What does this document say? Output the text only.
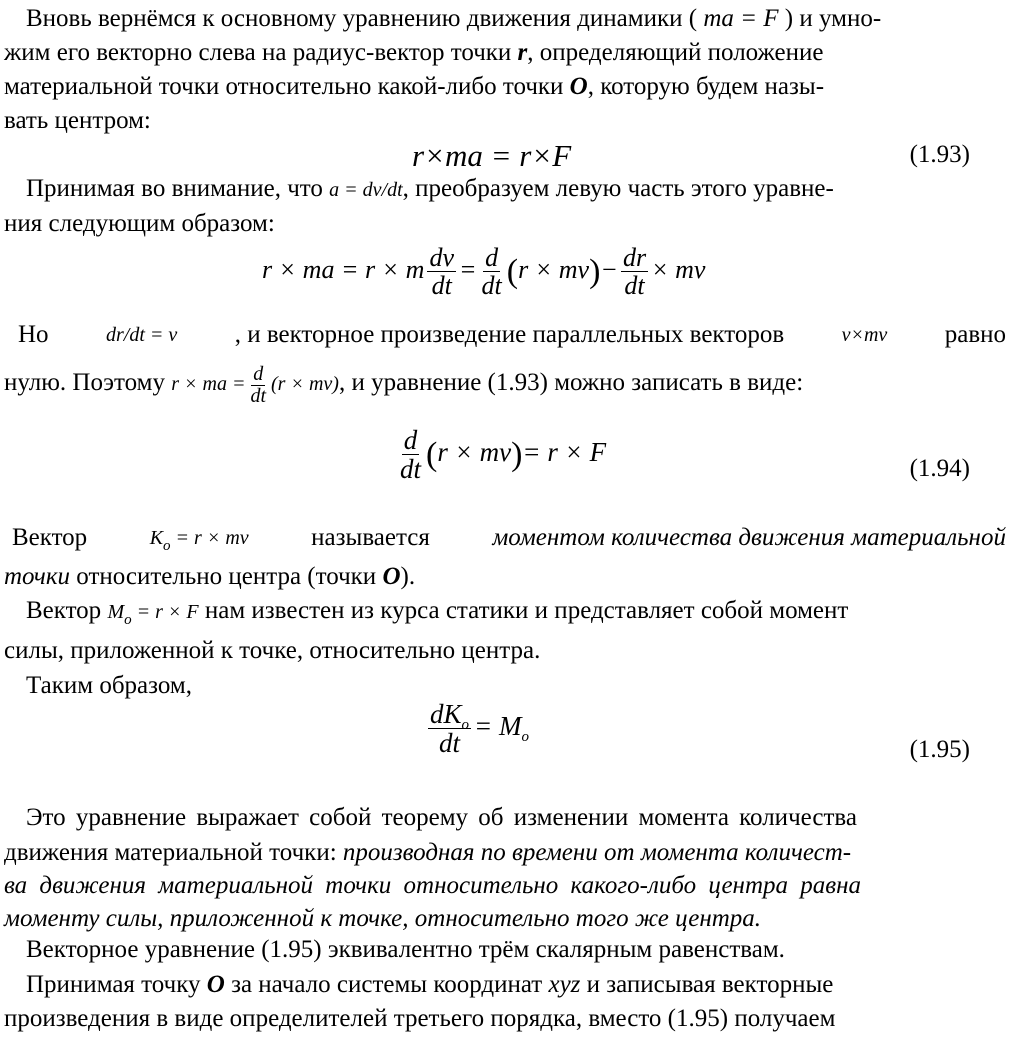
Вновь вернёмся к основному уравнению движения динамики ( ma = F ) и умно-
жим его векторно слева на радиус-вектор точки r, определяющий положение
материальной точки относительно какой-либо точки O, которую будем назы-
вать центром:
r×ma = r×F	(1.93)
Принимая во внимание, что a = dv/dt, преобразуем левую часть этого уравне-
ния следующим образом:
r × ma = r × m $\frac{dv}{dt} = \frac{d}{dt} (r \times mv)- \frac{dr}{dt}$ × mv
Но	dr/dt = v , и векторное произведение параллельных векторов	v×mv равно
нулю. Поэтому r × ma = $\frac{d}{dt} (r \times mv)$, и уравнение (1.93) можно записать в виде:
$\frac{d}{dt} (r \times mv)= r \times F$
(1.94)
Вектор	$K_o = r$ × mv	называется	моментом количества движения материальной
точки относительно центра (точки O).
Вектор $M_o = r \times F$ нам известен из курса статики и представляет собой момент
силы, приложенной к точке, относительно центра.
Таким образом,
$\frac{dK_o}{dt} = M_o$	(1.95)
Это уравнение выражает собой теорему об изменении момента количества
движения материальной точки: производная по времени от момента количест-
ва движения материальной точки относительно какого-либо центра равна
моменту силы, приложенной к точке, относительно того же центра.
Векторное уравнение (1.95) эквивалентно трём скалярным равенствам.
Принимая точку O за начало системы координат xyz и записывая векторные
произведения в виде определителей третьего порядка, вместо (1.95) получаем
